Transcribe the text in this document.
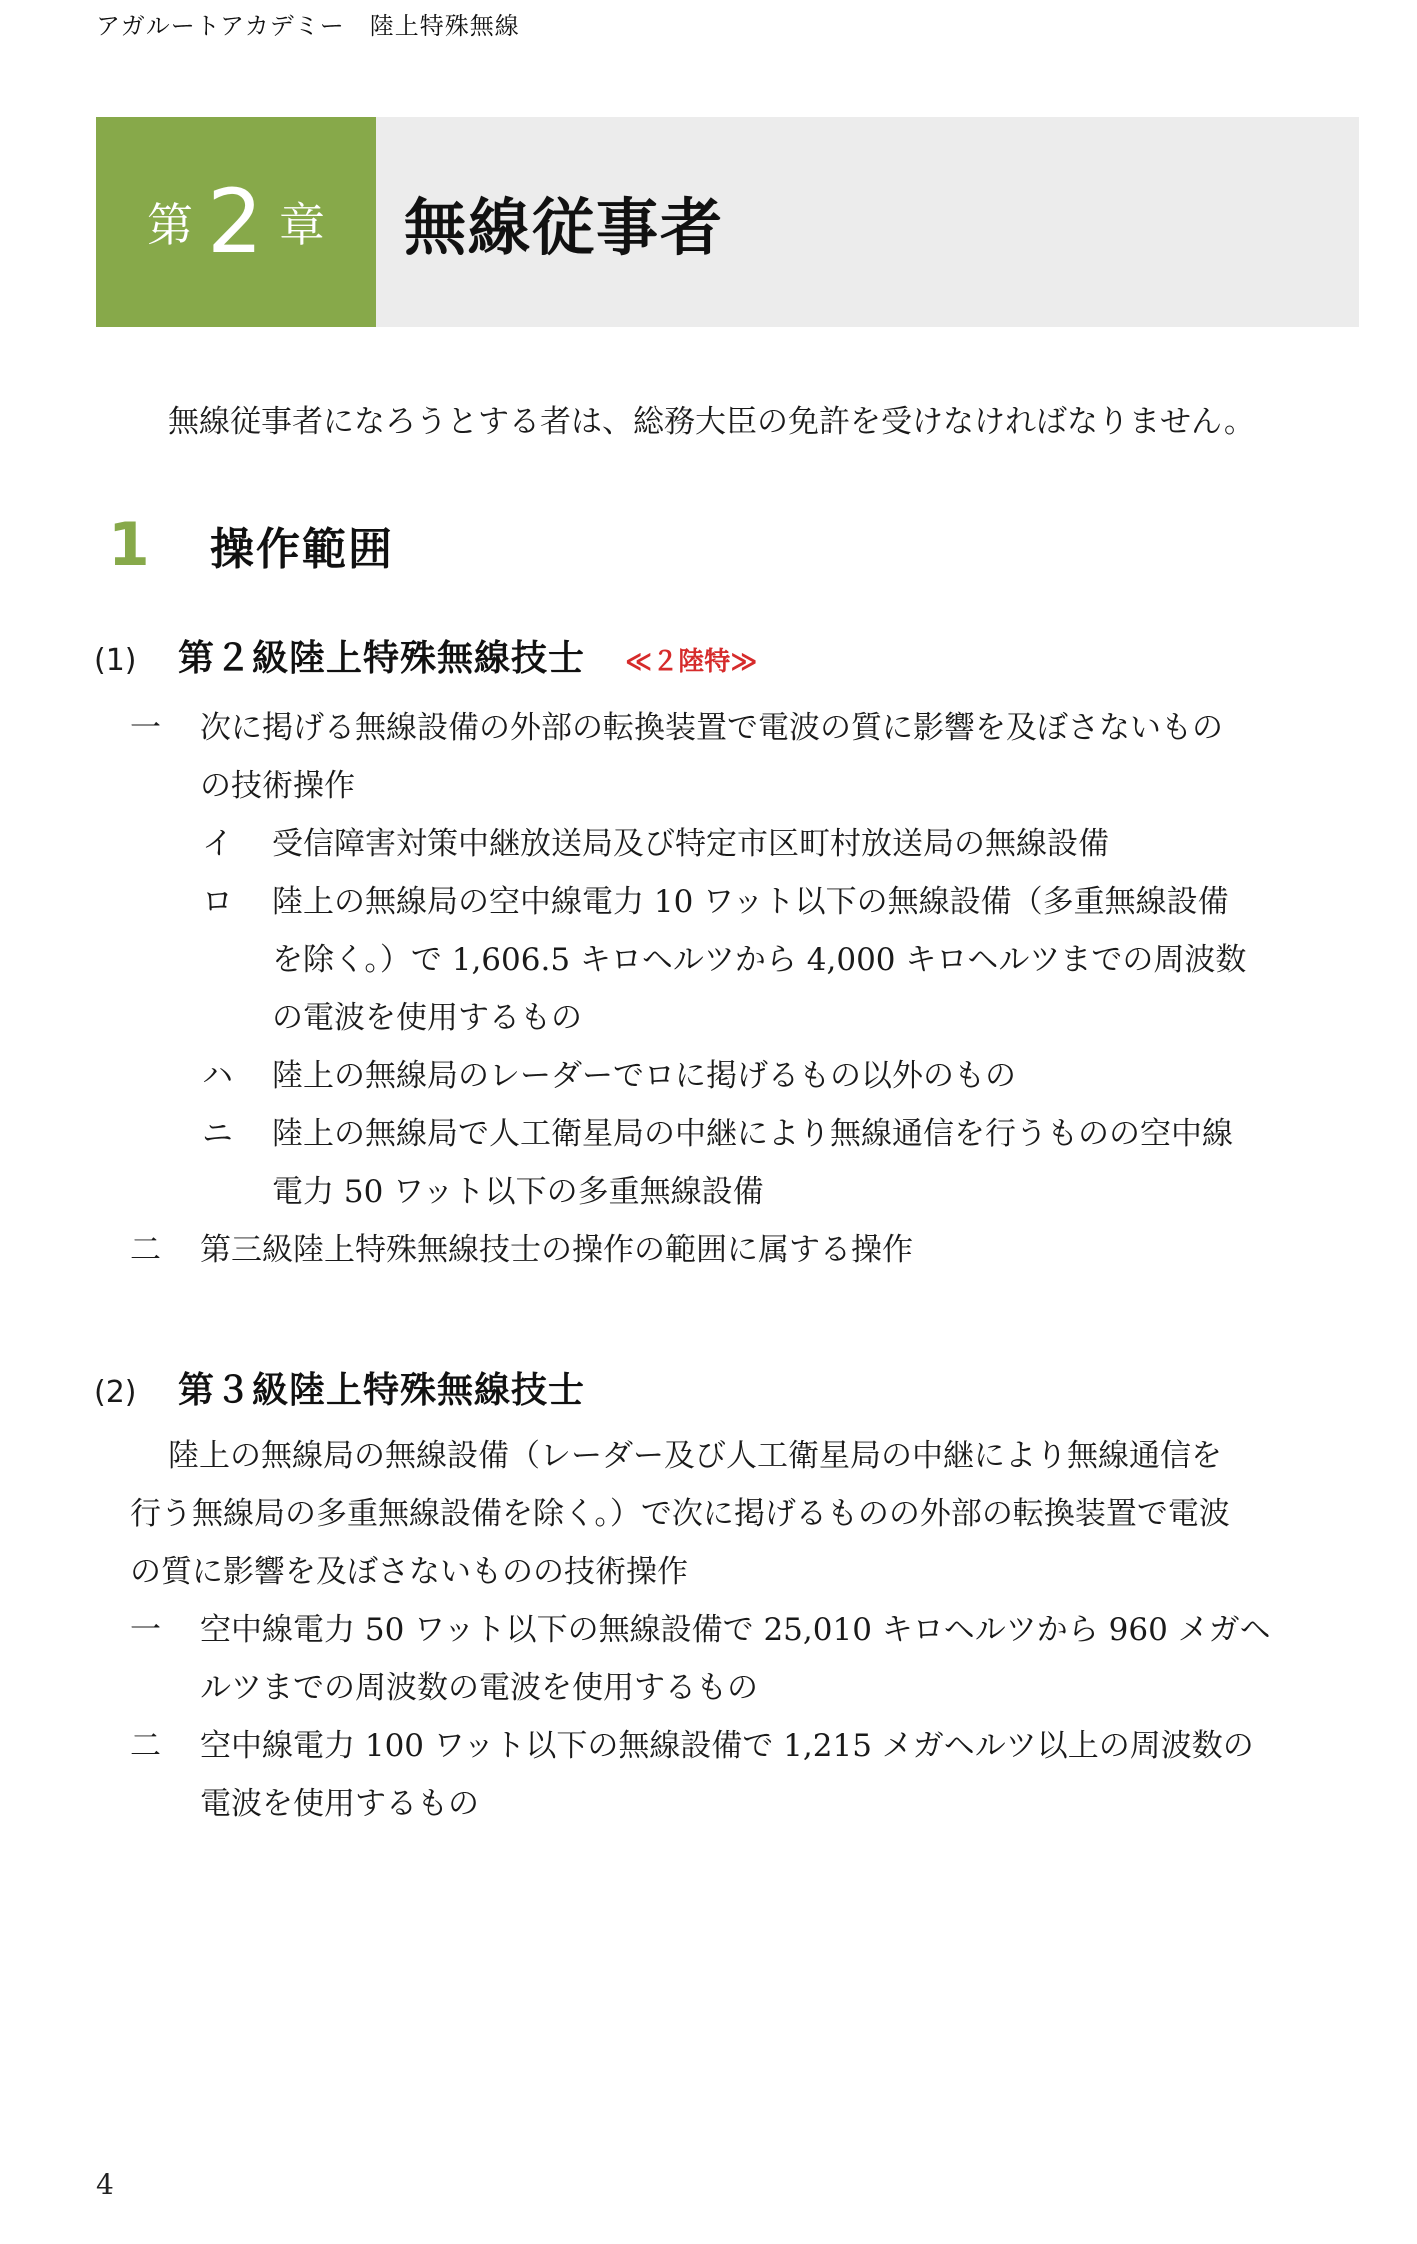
アガルートアカデミー　陸上特殊無線
第 2 章	無線従事者
無線従事者になろうとする者は、総務大臣の免許を受けなければなりません。
1	操作範囲
(1)	第２級陸上特殊無線技士 ≪２陸特≫
一 次に掲げる無線設備の外部の転換装置で電波の質に影響を及ぼさないもの
の技術操作
イ 受信障害対策中継放送局及び特定市区町村放送局の無線設備
ロ 陸上の無線局の空中線電力 10 ワット以下の無線設備（多重無線設備
を除く。）で 1,606.5 キロヘルツから 4,000 キロヘルツまでの周波数
の電波を使用するもの
ハ 陸上の無線局のレーダーでロに掲げるもの以外のもの
ニ 陸上の無線局で人工衛星局の中継により無線通信を行うものの空中線
電力 50 ワット以下の多重無線設備
二 第三級陸上特殊無線技士の操作の範囲に属する操作
(2)	第３級陸上特殊無線技士
陸上の無線局の無線設備（レーダー及び人工衛星局の中継により無線通信を
行う無線局の多重無線設備を除く。）で次に掲げるものの外部の転換装置で電波
の質に影響を及ぼさないものの技術操作
一 空中線電力 50 ワット以下の無線設備で 25,010 キロヘルツから 960 メガヘ
ルツまでの周波数の電波を使用するもの
二 空中線電力 100 ワット以下の無線設備で 1,215 メガヘルツ以上の周波数の
電波を使用するもの
4
